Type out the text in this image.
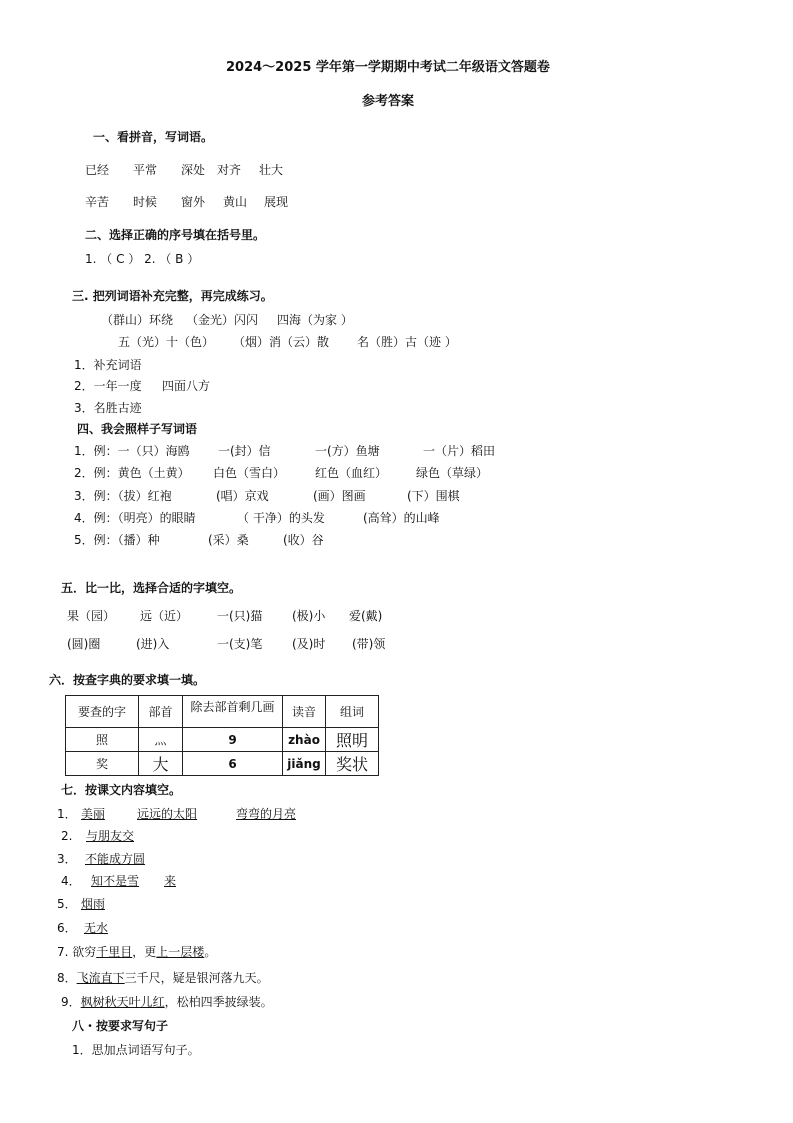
2024～2025 学年第一学期期中考试二年级语文答题卷
参考答案
一、看拼音，写词语。
已经 平常 深处 对齐 壮大
辛苦 时候 窗外 黄山 展现
二、选择正确的序号填在括号里。
1. （ C ） 2. （ B ）
三. 把列词语补充完整，再完成练习。
（群山）环绕 （金光）闪闪 四海（为家 ）
五（光）十（色） （烟）消（云）散 名（胜）古（迹 ）
1．补充词语
2．一年一度 四面八方
3．名胜古迹
四、我会照样子写词语
1．例：一（只）海鸥 一(封）信	一(方）鱼塘	一（片）稻田
2．例：黄色（土黄） 白色（雪白） 红色（血红） 绿色（草绿）
3．例：（拔）红袍	(唱）京戏	(画）图画	(下）围棋
4．例：（明亮）的眼睛	（ 干净）的头发	(高耸）的山峰
5．例：（播）种	(采）桑	(收）谷
五．比一比，选择合适的字填空。
果（园） 远（近） 一(只)猫 (极)小 爱(戴)
(圆)圈	(进)入	一(支)笔 (及)时 (带)领
六．按查字典的要求填一填。
要查的字	部首	除去部首剩几画	读音	组词
照	灬	9	zhào	照明
奖	大	6	jiǎng	奖状
七．按课文内容填空。
1． 美丽	远远的太阳	弯弯的月亮
2. 与朋友交
3． 不能成方圆
4． 知不是雪 来
5． 烟雨
6． 无水
7. 欲穷千里目，更上一层楼。
8．飞流直下三千尺，疑是银河落九天。
9．枫树秋天叶儿红，松柏四季披绿装。
八・按要求写句子
1．思加点词语写句子。
